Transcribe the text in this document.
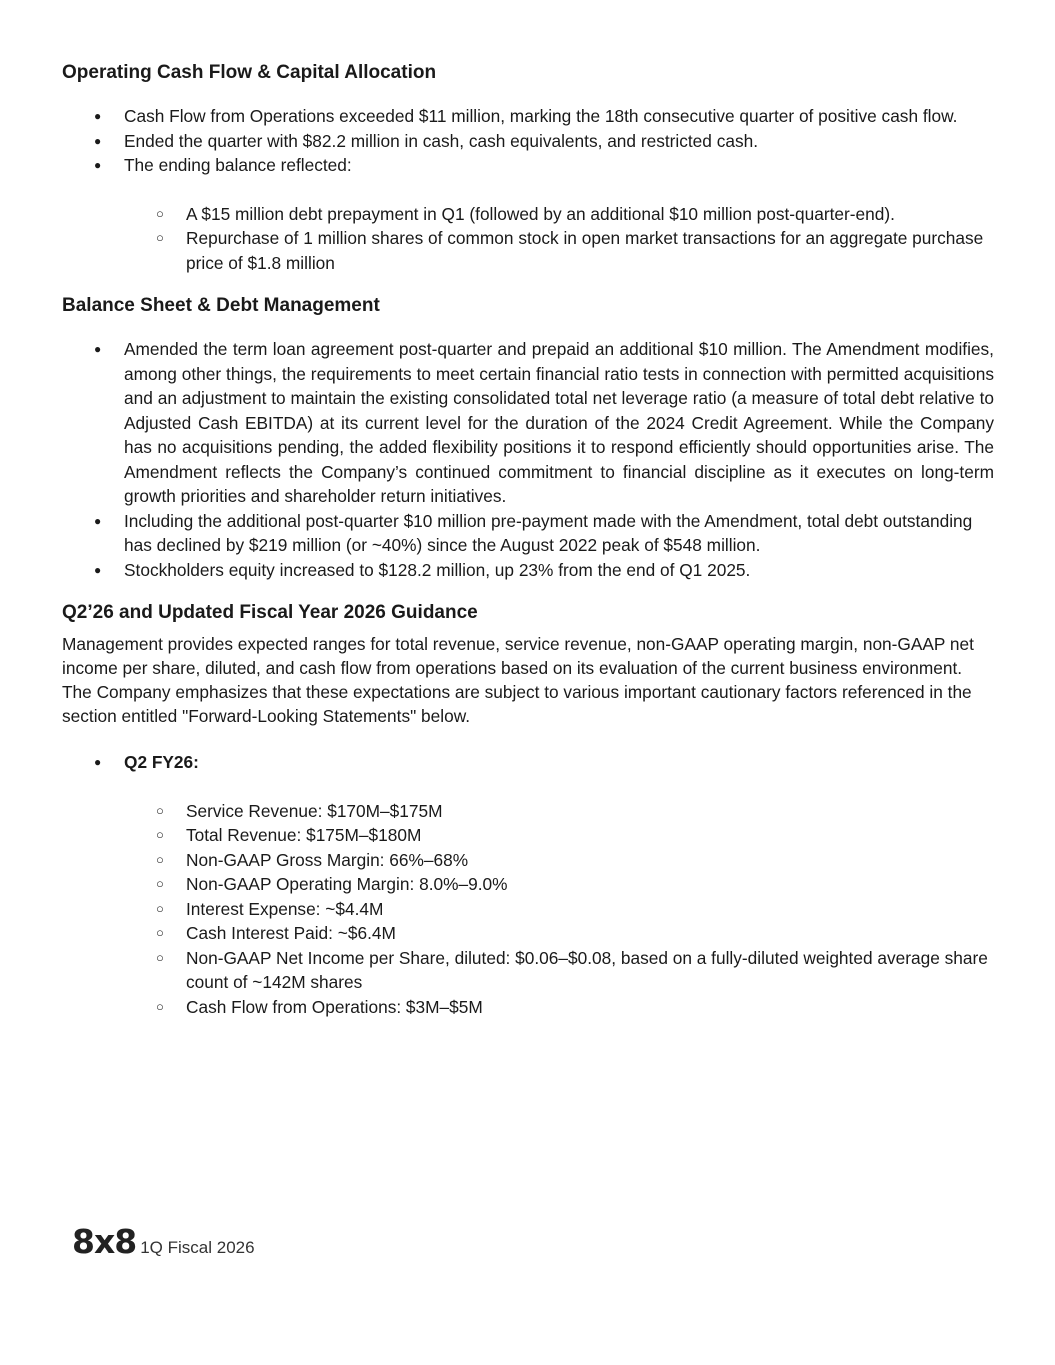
Operating Cash Flow & Capital Allocation
● Cash Flow from Operations exceeded $11 million, marking the 18th consecutive quarter of positive cash flow.
● Ended the quarter with $82.2 million in cash, cash equivalents, and restricted cash.
● The ending balance reflected:
○ A $15 million debt prepayment in Q1 (followed by an additional $10 million post-quarter-end).
○ Repurchase of 1 million shares of common stock in open market transactions for an aggregate purchase price of $1.8 million
Balance Sheet & Debt Management
● Amended the term loan agreement post-quarter and prepaid an additional $10 million. The Amendment modifies, among other things, the requirements to meet certain financial ratio tests in connection with permitted acquisitions and an adjustment to maintain the existing consolidated total net leverage ratio (a measure of total debt relative to Adjusted Cash EBITDA) at its current level for the duration of the 2024 Credit Agreement. While the Company has no acquisitions pending, the added flexibility positions it to respond efficiently should opportunities arise. The Amendment reflects the Company’s continued commitment to financial discipline as it executes on long-term growth priorities and shareholder return initiatives.
● Including the additional post-quarter $10 million pre-payment made with the Amendment, total debt outstanding has declined by $219 million (or ~40%) since the August 2022 peak of $548 million.
● Stockholders equity increased to $128.2 million, up 23% from the end of Q1 2025.
Q2’26 and Updated Fiscal Year 2026 Guidance

Management provides expected ranges for total revenue, service revenue, non-GAAP operating margin, non-GAAP net income per share, diluted, and cash flow from operations based on its evaluation of the current business environment. The Company emphasizes that these expectations are subject to various important cautionary factors referenced in the section entitled "Forward-Looking Statements" below.

● Q2 FY26:
○ Service Revenue: $170M–$175M
○ Total Revenue: $175M–$180M
○ Non-GAAP Gross Margin: 66%–68%
○ Non-GAAP Operating Margin: 8.0%–9.0%
○ Interest Expense: ~$4.4M
○ Cash Interest Paid: ~$6.4M
○ Non-GAAP Net Income per Share, diluted: $0.06–$0.08, based on a fully-diluted weighted average share count of ~142M shares
○ Cash Flow from Operations: $3M–$5M
8x8 1Q Fiscal 2026
